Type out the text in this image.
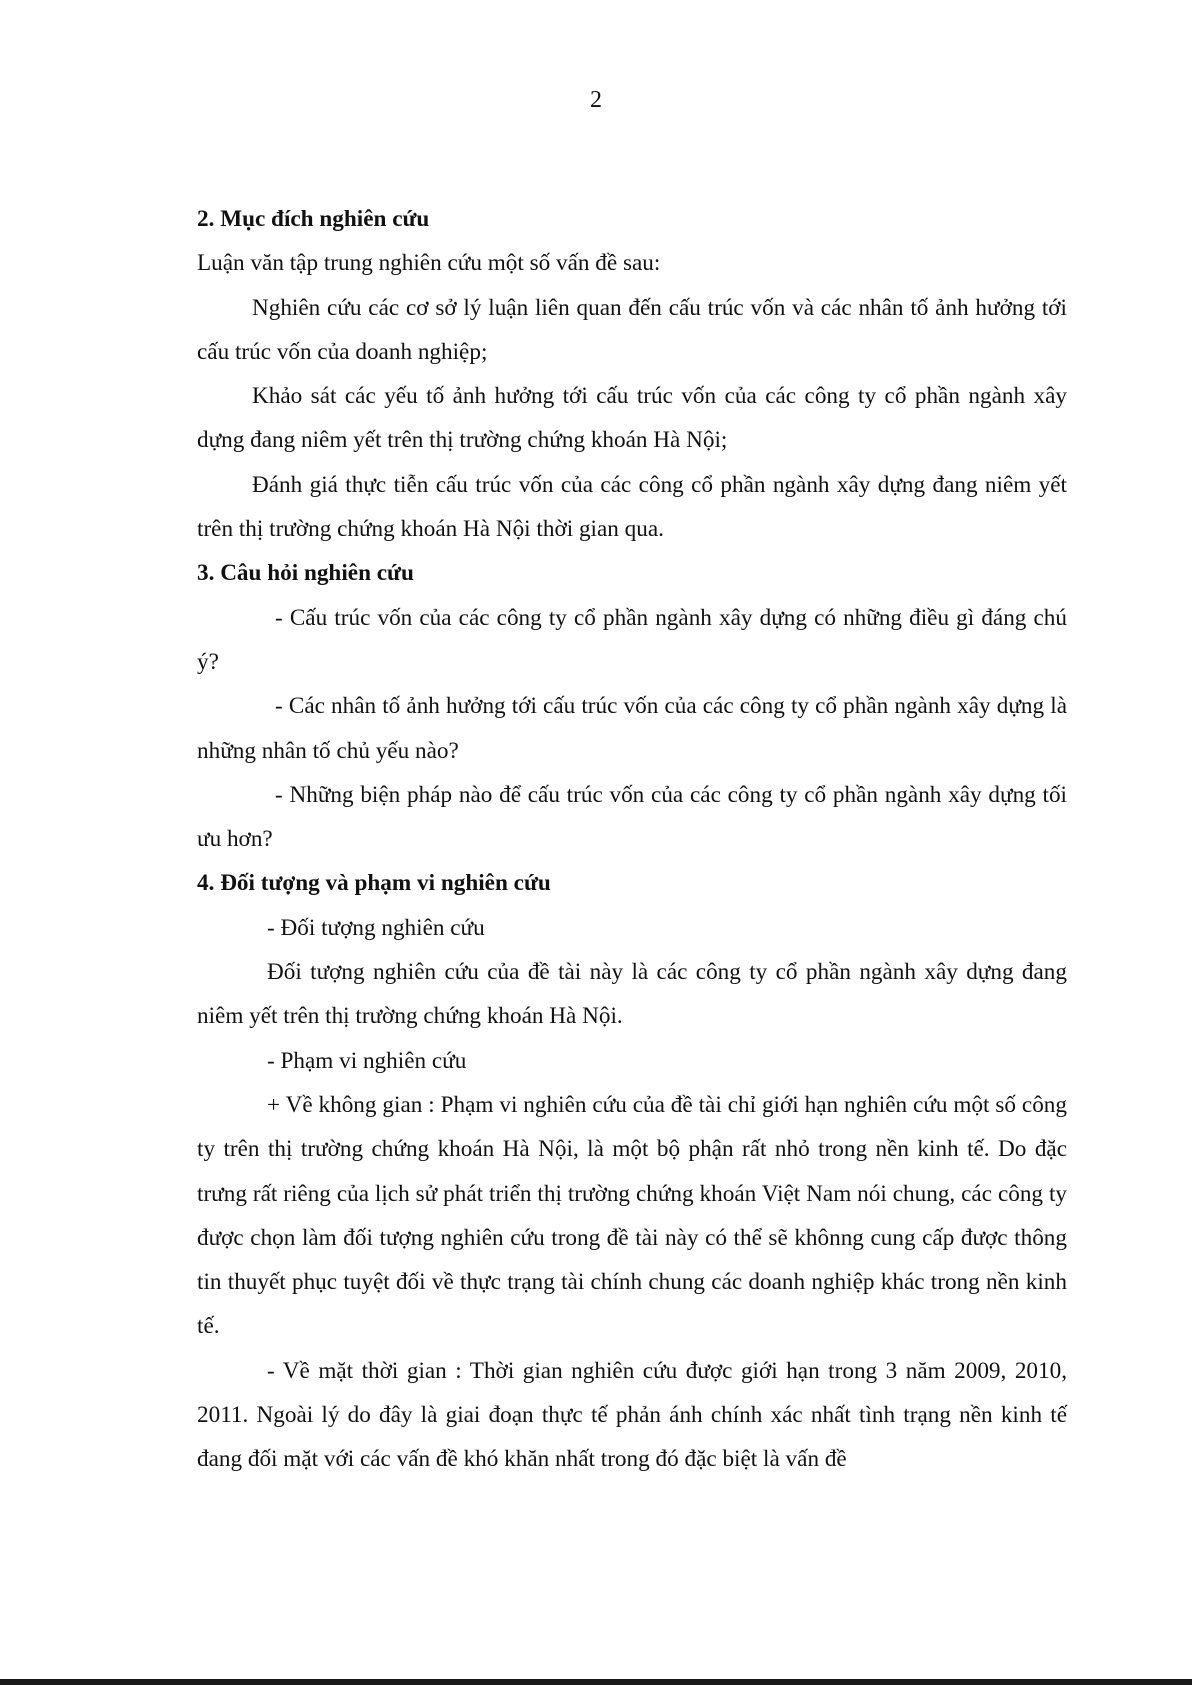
2
2. Mục đích nghiên cứu

Luận văn tập trung nghiên cứu một số vấn đề sau:

Nghiên cứu các cơ sở lý luận liên quan đến cấu trúc vốn và các nhân tố ảnh hưởng tới cấu trúc vốn của doanh nghiệp;

Khảo sát các yếu tố ảnh hưởng tới cấu trúc vốn của các công ty cổ phần ngành xây dựng đang niêm yết trên thị trường chứng khoán Hà Nội;

Đánh giá thực tiễn cấu trúc vốn của các công cổ phần ngành xây dựng đang niêm yết trên thị trường chứng khoán Hà Nội thời gian qua.

3. Câu hỏi nghiên cứu

- Cấu trúc vốn của các công ty cổ phần ngành xây dựng có những điều gì đáng chú ý?

- Các nhân tố ảnh hưởng tới cấu trúc vốn của các công ty cổ phần ngành xây dựng là những nhân tố chủ yếu nào?

- Những biện pháp nào để cấu trúc vốn của các công ty cổ phần ngành xây dựng tối ưu hơn?

4. Đối tượng và phạm vi nghiên cứu

- Đối tượng nghiên cứu

Đối tượng nghiên cứu của đề tài này là các công ty cổ phần ngành xây dựng đang niêm yết trên thị trường chứng khoán Hà Nội.

- Phạm vi nghiên cứu

+ Về không gian : Phạm vi nghiên cứu của đề tài chỉ giới hạn nghiên cứu một số công ty trên thị trường chứng khoán Hà Nội, là một bộ phận rất nhỏ trong nền kinh tế. Do đặc trưng rất riêng của lịch sử phát triển thị trường chứng khoán Việt Nam nói chung, các công ty được chọn làm đối tượng nghiên cứu trong đề tài này có thể sẽ khônng cung cấp được thông tin thuyết phục tuyệt đối về thực trạng tài chính chung các doanh nghiệp khác trong nền kinh tế.

- Về mặt thời gian : Thời gian nghiên cứu được giới hạn trong 3 năm 2009, 2010, 2011. Ngoài lý do đây là giai đoạn thực tế phản ánh chính xác nhất tình trạng nền kinh tế đang đối mặt với các vấn đề khó khăn nhất trong đó đặc biệt là vấn đề
